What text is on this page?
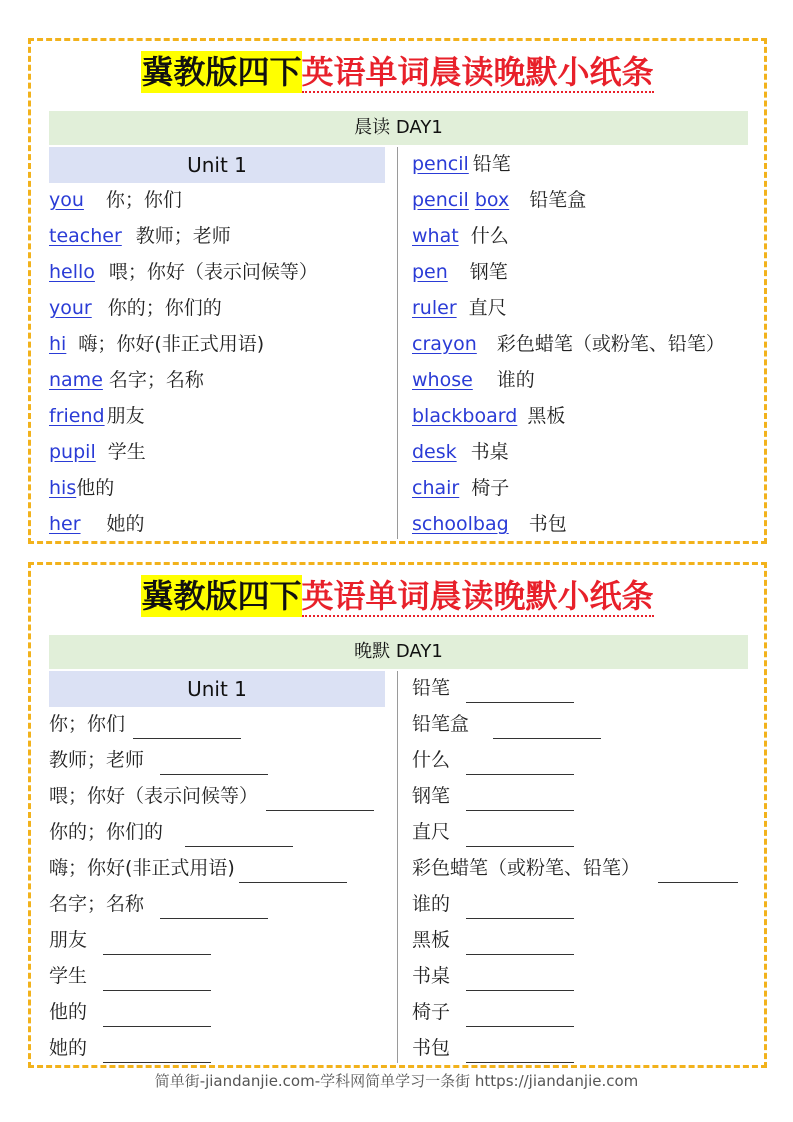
冀教版四下英语单词晨读晚默小纸条
晨读 DAY1
Unit 1
you 你；你们
teacher 教师；老师
hello 喂；你好（表示问候等）
your 你的；你们的
hi 嗨；你好(非正式用语)
name 名字；名称
friend 朋友
pupil 学生
his他的
her 她的
pencil 铅笔
pencil box 铅笔盒
what 什么
pen 钢笔
ruler 直尺
crayon 彩色蜡笔（或粉笔、铅笔）
whose 谁的
blackboard 黑板
desk 书桌
chair 椅子
schoolbag 书包
冀教版四下英语单词晨读晚默小纸条
晚默 DAY1
Unit 1
你；你们
教师；老师
喂；你好（表示问候等）
你的；你们的
嗨；你好(非正式用语)
名字；名称
朋友
学生
他的
她的
铅笔
铅笔盒
什么
钢笔
直尺
彩色蜡笔（或粉笔、铅笔）
谁的
黑板
书桌
椅子
书包
简单街-jiandanjie.com-学科网简单学习一条街 https://jiandanjie.com
